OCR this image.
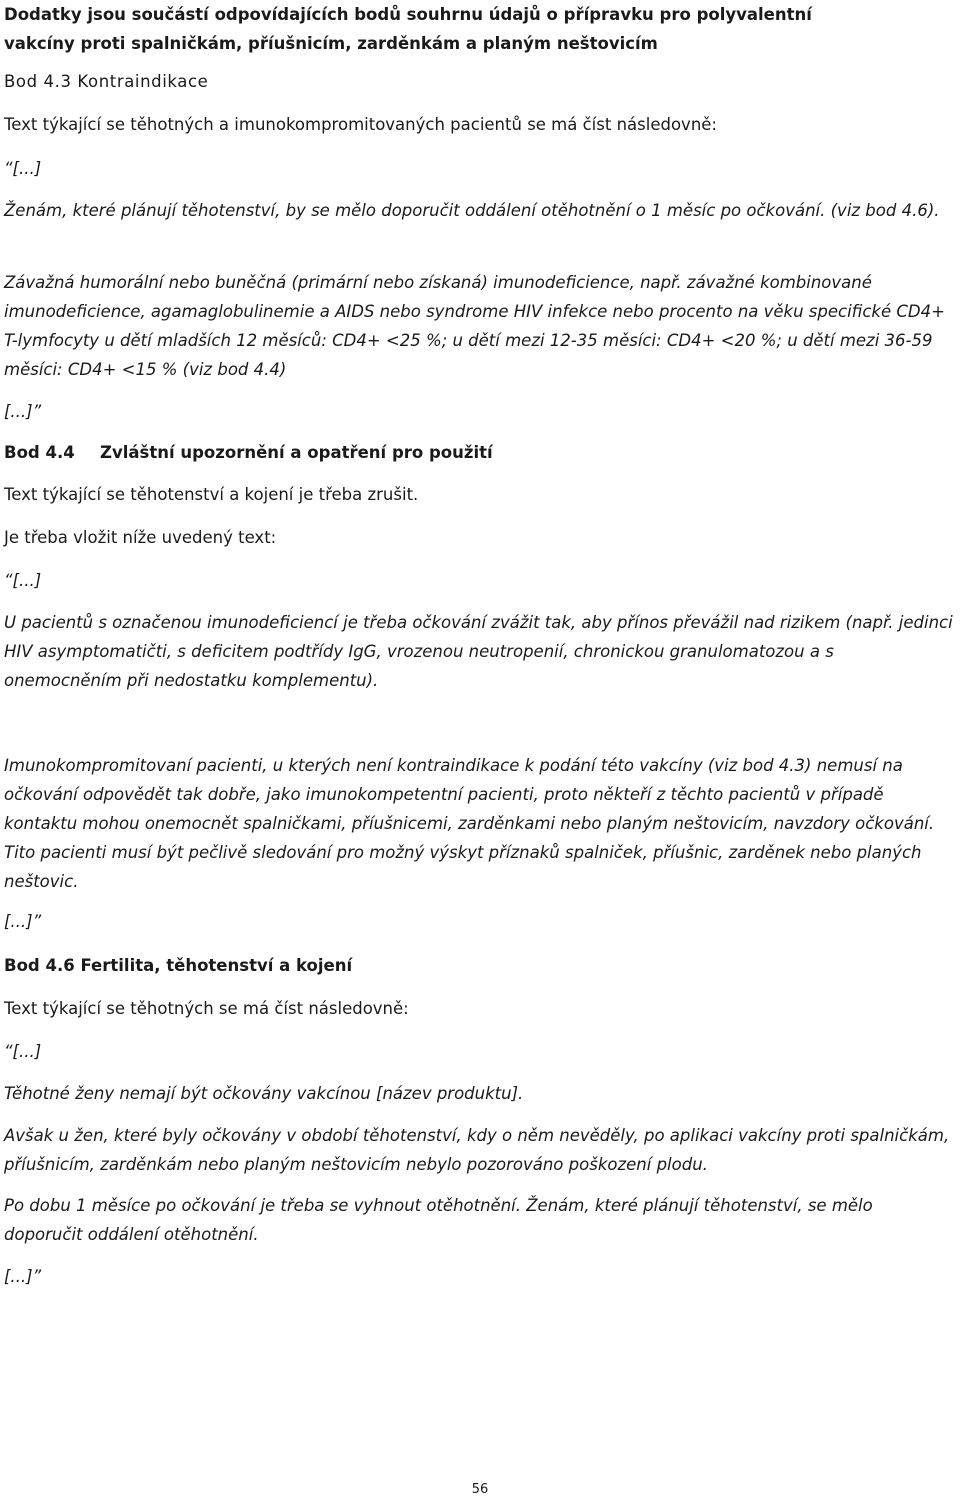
Dodatky jsou součástí odpovídajících bodů souhrnu údajů o přípravku pro polyvalentní

vakcíny proti spalničkám, příušnicím, zarděnkám a planým neštovicím

Bod 4.3 Kontraindikace

Text týkající se těhotných a imunokompromitovaných pacientů se má číst následovně:

“[...]

Ženám, které plánují těhotenství, by se mělo doporučit oddálení otěhotnění o 1 měsíc po očkování. (viz bod 4.6).

Závažná humorální nebo buněčná (primární nebo získaná) imunodeficience, např. závažné kombinované imunodeficience, agamaglobulinemie a AIDS nebo syndrome HIV infekce nebo procento na věku specifické CD4+ T-lymfocyty u dětí mladších 12 měsíců: CD4+ <25 %; u dětí mezi 12-35 měsíci: CD4+ <20 %; u dětí mezi 36-59 měsíci: CD4+ <15 % (viz bod 4.4)

[...]”

Bod 4.4 Zvláštní upozornění a opatření pro použití

Text týkající se těhotenství a kojení je třeba zrušit.

Je třeba vložit níže uvedený text:

“[...]

U pacientů s označenou imunodeficiencí je třeba očkování zvážit tak, aby přínos převážil nad rizikem (např. jedinci HIV asymptomatičti, s deficitem podtřídy IgG, vrozenou neutropenií, chronickou granulomatozou a s onemocněním při nedostatku komplementu).

Imunokompromitovaní pacienti, u kterých není kontraindikace k podání této vakcíny (viz bod 4.3) nemusí na očkování odpovědět tak dobře, jako imunokompetentní pacienti, proto někteří z těchto pacientů v případě kontaktu mohou onemocnět spalničkami, příušnicemi, zarděnkami nebo planým neštovicím, navzdory očkování. Tito pacienti musí být pečlivě sledování pro možný výskyt příznaků spalniček, příušnic, zarděnek nebo planých neštovic.

[...]”

Bod 4.6 Fertilita, těhotenství a kojení

Text týkající se těhotných se má číst následovně:

“[...]

Těhotné ženy nemají být očkovány vakcínou [název produktu].

Avšak u žen, které byly očkovány v období těhotenství, kdy o něm nevěděly, po aplikaci vakcíny proti spalničkám, příušnicím, zarděnkám nebo planým neštovicím nebylo pozorováno poškození plodu.

Po dobu 1 měsíce po očkování je třeba se vyhnout otěhotnění. Ženám, které plánují těhotenství, se mělo doporučit oddálení otěhotnění.

[...]”

56
